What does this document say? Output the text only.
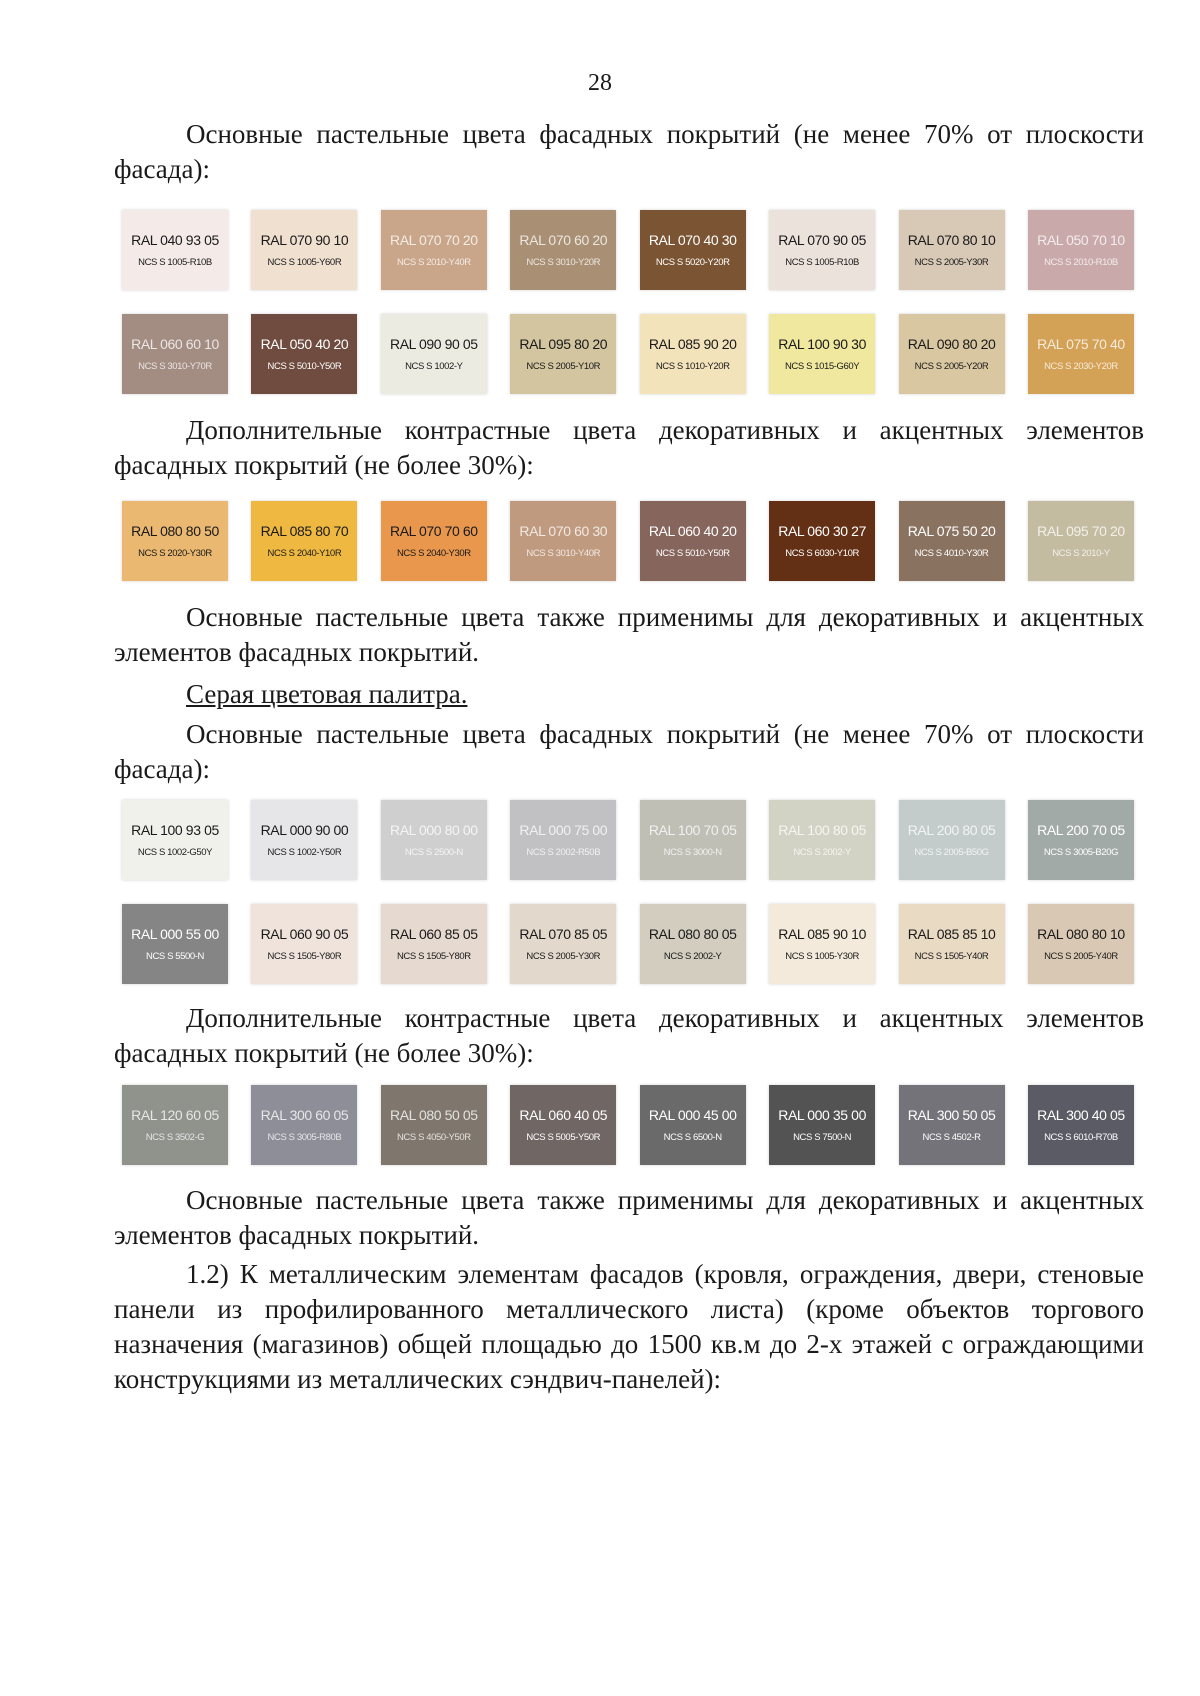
28

Основные пастельные цвета фасадных покрытий (не менее 70% от плоскости фасада):

RAL 040 93 05
NCS S 1005-R10B
RAL 070 90 10
NCS S 1005-Y60R
RAL 070 70 20
NCS S 2010-Y40R
RAL 070 60 20
NCS S 3010-Y20R
RAL 070 40 30
NCS S 5020-Y20R
RAL 070 90 05
NCS S 1005-R10B
RAL 070 80 10
NCS S 2005-Y30R
RAL 050 70 10
NCS S 2010-R10B
RAL 060 60 10
NCS S 3010-Y70R
RAL 050 40 20
NCS S 5010-Y50R
RAL 090 90 05
NCS S 1002-Y
RAL 095 80 20
NCS S 2005-Y10R
RAL 085 90 20
NCS S 1010-Y20R
RAL 100 90 30
NCS S 1015-G60Y
RAL 090 80 20
NCS S 2005-Y20R
RAL 075 70 40
NCS S 2030-Y20R

Дополнительные контрастные цвета декоративных и акцентных элементов фасадных покрытий (не более 30%):

RAL 080 80 50
NCS S 2020-Y30R
RAL 085 80 70
NCS S 2040-Y10R
RAL 070 70 60
NCS S 2040-Y30R
RAL 070 60 30
NCS S 3010-Y40R
RAL 060 40 20
NCS S 5010-Y50R
RAL 060 30 27
NCS S 6030-Y10R
RAL 075 50 20
NCS S 4010-Y30R
RAL 095 70 20
NCS S 2010-Y

Основные пастельные цвета также применимы для декоративных и акцентных элементов фасадных покрытий.

Серая цветовая палитра.

Основные пастельные цвета фасадных покрытий (не менее 70% от плоскости фасада):

RAL 100 93 05
NCS S 1002-G50Y
RAL 000 90 00
NCS S 1002-Y50R
RAL 000 80 00
NCS S 2500-N
RAL 000 75 00
NCS S 2002-R50B
RAL 100 70 05
NCS S 3000-N
RAL 100 80 05
NCS S 2002-Y
RAL 200 80 05
NCS S 2005-B50G
RAL 200 70 05
NCS S 3005-B20G
RAL 000 55 00
NCS S 5500-N
RAL 060 90 05
NCS S 1505-Y80R
RAL 060 85 05
NCS S 1505-Y80R
RAL 070 85 05
NCS S 2005-Y30R
RAL 080 80 05
NCS S 2002-Y
RAL 085 90 10
NCS S 1005-Y30R
RAL 085 85 10
NCS S 1505-Y40R
RAL 080 80 10
NCS S 2005-Y40R

Дополнительные контрастные цвета декоративных и акцентных элементов фасадных покрытий (не более 30%):

RAL 120 60 05
NCS S 3502-G
RAL 300 60 05
NCS S 3005-R80B
RAL 080 50 05
NCS S 4050-Y50R
RAL 060 40 05
NCS S 5005-Y50R
RAL 000 45 00
NCS S 6500-N
RAL 000 35 00
NCS S 7500-N
RAL 300 50 05
NCS S 4502-R
RAL 300 40 05
NCS S 6010-R70B

Основные пастельные цвета также применимы для декоративных и акцентных элементов фасадных покрытий.

1.2) К металлическим элементам фасадов (кровля, ограждения, двери, стеновые панели из профилированного металлического листа) (кроме объектов торгового назначения (магазинов) общей площадью до 1500 кв.м до 2-х этажей с ограждающими конструкциями из металлических сэндвич-панелей):
